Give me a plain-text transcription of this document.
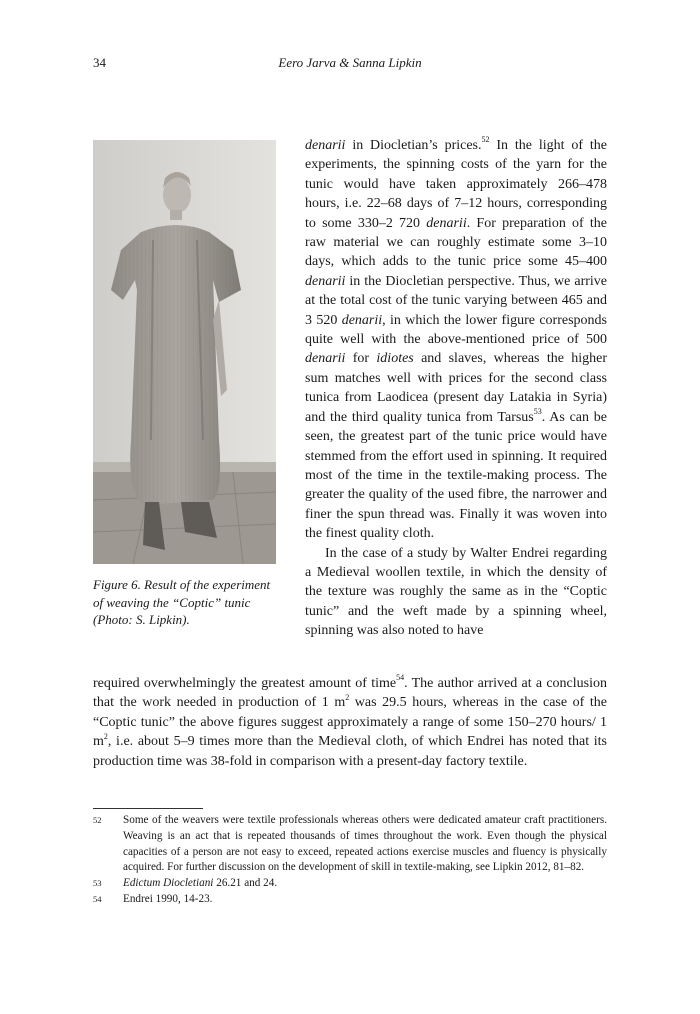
34	Eero Jarva & Sanna Lipkin
Figure 6. Result of the experiment of weaving the “Coptic” tunic (Photo: S. Lipkin).

denarii in Diocletian’s prices.$^{52}$ In the light of the experiments, the spinning costs of the yarn for the tunic would have taken approximately 266–478 hours, i.e. 22–68 days of 7–12 hours, corresponding to some 330–2 720 denarii. For preparation of the raw material we can roughly estimate some 3–10 days, which adds to the tunic price some 45–400 denarii in the Diocletian perspective. Thus, we arrive at the total cost of the tunic varying between 465 and 3 520 denarii, in which the lower figure corresponds quite well with the above-mentioned price of 500 denarii for idiotes and slaves, whereas the higher sum matches well with prices for the second class tunica from Laodicea (present day Latakia in Syria) and the third quality tunica from Tarsus$^{53}$. As can be seen, the greatest part of the tunic price would have stemmed from the effort used in spinning. It required most of the time in the textile-making process. The greater the quality of the used fibre, the narrower and finer the spun thread was. Finally it was woven into the finest quality cloth.

In the case of a study by Walter Endrei regarding a Medieval woollen textile, in which the density of the texture was roughly the same as in the “Coptic tunic” and the weft made by a spinning wheel, spinning was also noted to have

required overwhelmingly the greatest amount of time$^{54}$. The author arrived at a conclusion that the work needed in production of 1 $m^2$ was 29.5 hours, whereas in the case of the “Coptic tunic” the above figures suggest approximately a range of some 150–270 hours/ 1 $m^2$, i.e. about 5–9 times more than the Medieval cloth, of which Endrei has noted that its production time was 38-fold in comparison with a present-day factory textile.

52 Some of the weavers were textile professionals whereas others were dedicated amateur craft practitioners. Weaving is an act that is repeated thousands of times throughout the work. Even though the physical capacities of a person are not easy to exceed, repeated actions exercise muscles and fluency is physically acquired. For further discussion on the development of skill in textile-making, see Lipkin 2012, 81–82.
53 Edictum Diocletiani 26.21 and 24.
54 Endrei 1990, 14-23.
